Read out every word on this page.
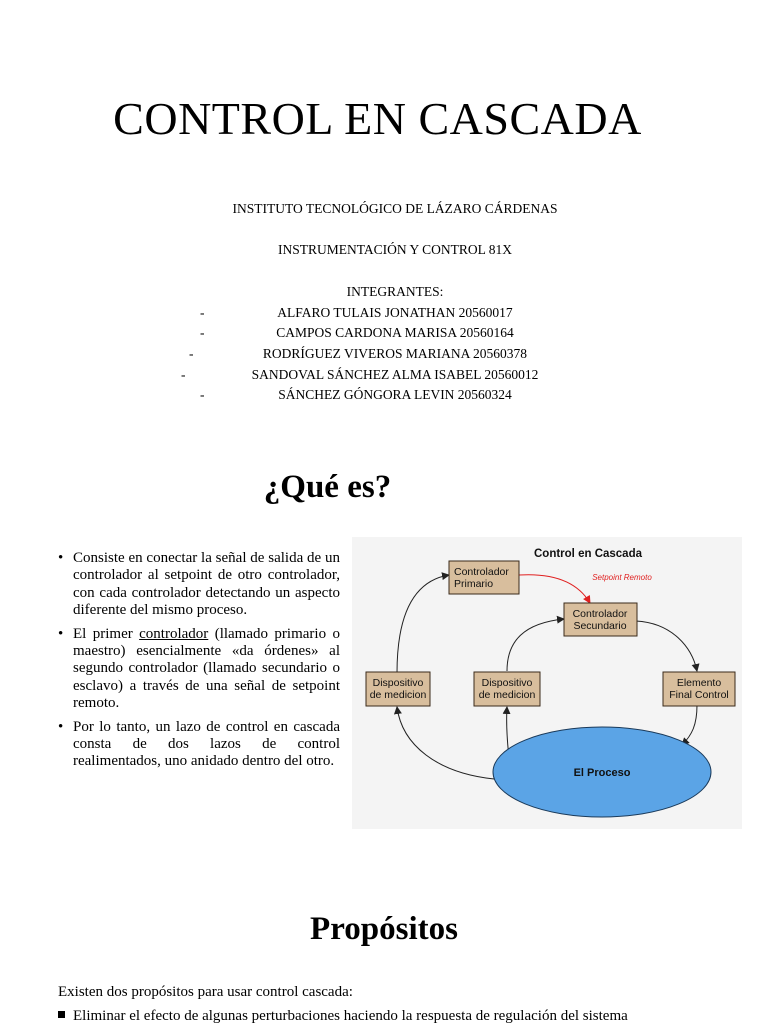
CONTROL EN CASCADA
INSTITUTO TECNOLÓGICO DE LÁZARO CÁRDENAS
INSTRUMENTACIÓN Y CONTROL 81X
INTEGRANTES:
-	ALFARO TULAIS JONATHAN 20560017
-	CAMPOS CARDONA MARISA 20560164
-	RODRÍGUEZ VIVEROS MARIANA 20560378
-	SANDOVAL SÁNCHEZ ALMA ISABEL 20560012
-	SÁNCHEZ GÓNGORA LEVIN 20560324
¿Qué es?
• Consiste en conectar la señal de salida de un controlador al setpoint de otro controlador, con cada controlador detectando un aspecto diferente del mismo proceso.
• El primer controlador (llamado primario o maestro) esencialmente «da órdenes» al segundo controlador (llamado secundario o esclavo) a través de una señal de setpoint remoto.
• Por lo tanto, un lazo de control en cascada consta de dos lazos de control realimentados, uno anidado dentro del otro.
Control en Cascada
Setpoint Remoto
Controlador
Primario
Controlador
Secundario
Dispositivo
de medicion
Dispositivo
de medicion
Elemento
Final Control
El Proceso
Propósitos
Existen dos propósitos para usar control cascada:
Eliminar el efecto de algunas perturbaciones haciendo la respuesta de regulación del sistema
